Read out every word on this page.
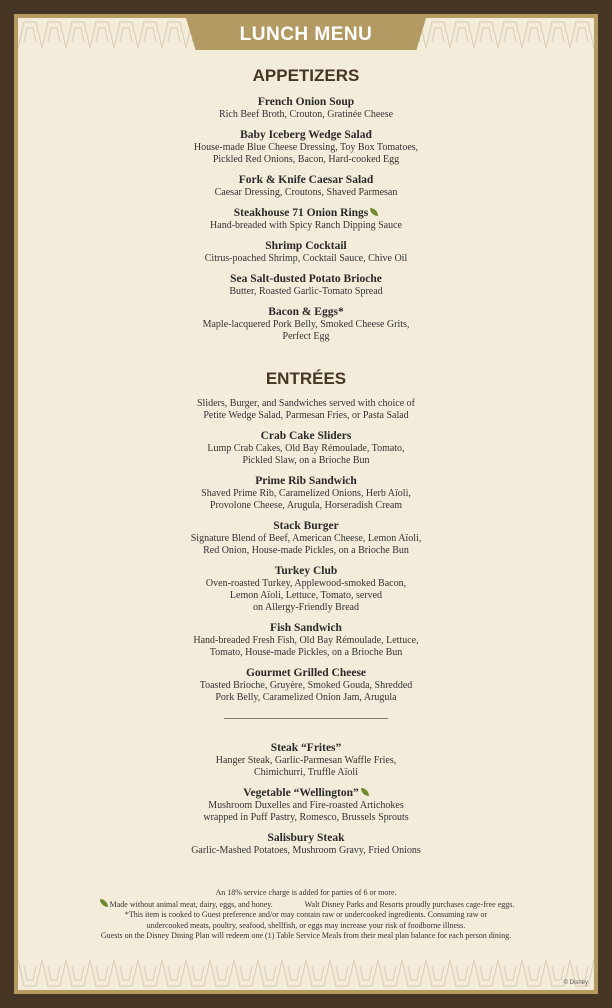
LUNCH MENU
APPETIZERS
French Onion Soup
Rich Beef Broth, Crouton, Gratinée Cheese
Baby Iceberg Wedge Salad
House-made Blue Cheese Dressing, Toy Box Tomatoes,
Pickled Red Onions, Bacon, Hard-cooked Egg
Fork & Knife Caesar Salad
Caesar Dressing, Croutons, Shaved Parmesan
Steakhouse 71 Onion Rings
Hand-breaded with Spicy Ranch Dipping Sauce
Shrimp Cocktail
Citrus-poached Shrimp, Cocktail Sauce, Chive Oil
Sea Salt-dusted Potato Brioche
Butter, Roasted Garlic-Tomato Spread
Bacon & Eggs*
Maple-lacquered Pork Belly, Smoked Cheese Grits,
Perfect Egg
ENTRÉES
Sliders, Burger, and Sandwiches served with choice of
Petite Wedge Salad, Parmesan Fries, or Pasta Salad
Crab Cake Sliders
Lump Crab Cakes, Old Bay Rémoulade, Tomato,
Pickled Slaw, on a Brioche Bun
Prime Rib Sandwich
Shaved Prime Rib, Caramelized Onions, Herb Aïoli,
Provolone Cheese, Arugula, Horseradish Cream
Stack Burger
Signature Blend of Beef, American Cheese, Lemon Aïoli,
Red Onion, House-made Pickles, on a Brioche Bun
Turkey Club
Oven-roasted Turkey, Applewood-smoked Bacon,
Lemon Aïoli, Lettuce, Tomato, served
on Allergy-Friendly Bread
Fish Sandwich
Hand-breaded Fresh Fish, Old Bay Rémoulade, Lettuce,
Tomato, House-made Pickles, on a Brioche Bun
Gourmet Grilled Cheese
Toasted Brioche, Gruyère, Smoked Gouda, Shredded
Pork Belly, Caramelized Onion Jam, Arugula
Steak “Frites”
Hanger Steak, Garlic-Parmesan Waffle Fries,
Chimichurri, Truffle Aïoli
Vegetable “Wellington”
Mushroom Duxelles and Fire-roasted Artichokes
wrapped in Puff Pastry, Romesco, Brussels Sprouts
Salisbury Steak
Garlic-Mashed Potatoes, Mushroom Gravy, Fried Onions
An 18% service charge is added for parties of 6 or more.
Made without animal meat, dairy, eggs, and honey.	Walt Disney Parks and Resorts proudly purchases cage-free eggs.
*This item is cooked to Guest preference and/or may contain raw or undercooked ingredients. Consuming raw or
undercooked meats, poultry, seafood, shellfish, or eggs may increase your risk of foodborne illness.
Guests on the Disney Dining Plan will redeem one (1) Table Service Meals from their meal plan balance for each person dining.
© Disney
